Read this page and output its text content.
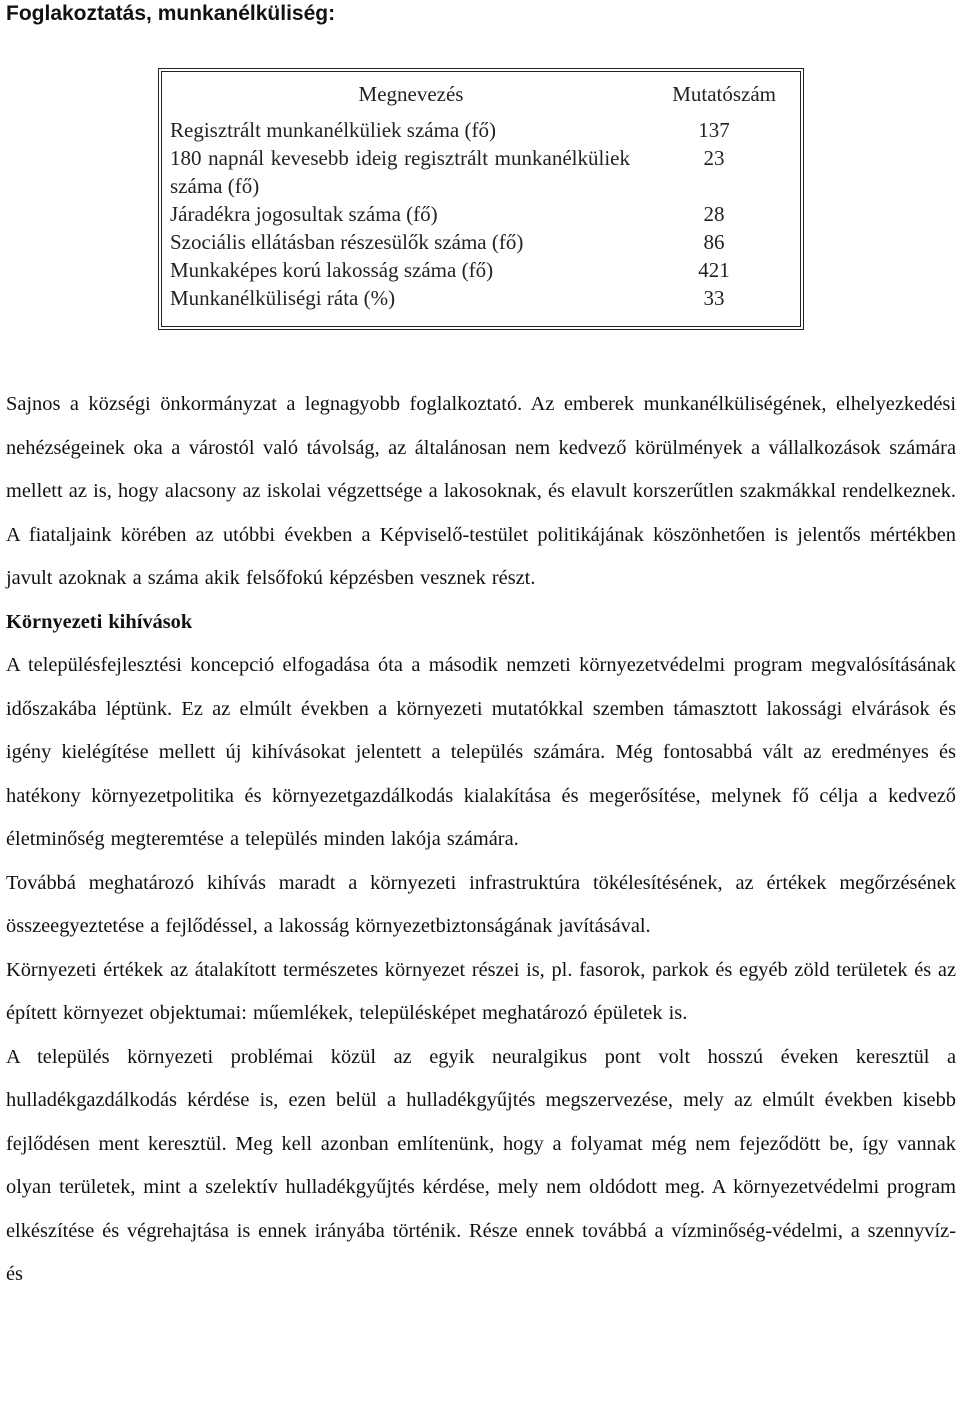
Foglakoztatás, munkanélküliség:
Megnevezés	Mutatószám
Regisztrált munkanélküliek száma (fő)	137
180 napnál kevesebb ideig regisztrált munkanélküliek száma (fő)	23
Járadékra jogosultak száma (fő)	28
Szociális ellátásban részesülők száma (fő)	86
Munkaképes korú lakosság száma (fő)	421
Munkanélküliségi ráta (%)	33

Sajnos a községi önkormányzat a legnagyobb foglalkoztató. Az emberek munkanélküliségének, elhelyezkedési nehézségeinek oka a várostól való távolság, az általánosan nem kedvező körülmények a vállalkozások számára mellett az is, hogy alacsony az iskolai végzettsége a lakosoknak, és elavult korszerűtlen szakmákkal rendelkeznek. A fiataljaink körében az utóbbi években a Képviselő-testület politikájának köszönhetően is jelentős mértékben javult azoknak a száma akik felsőfokú képzésben vesznek részt.

Környezeti kihívások

A településfejlesztési koncepció elfogadása óta a második nemzeti környezetvédelmi program megvalósításának időszakába léptünk. Ez az elmúlt években a környezeti mutatókkal szemben támasztott lakossági elvárások és igény kielégítése mellett új kihívásokat jelentett a település számára. Még fontosabbá vált az eredményes és hatékony környezetpolitika és környezetgazdálkodás kialakítása és megerősítése, melynek fő célja a kedvező életminőség megteremtése a település minden lakója számára.

Továbbá meghatározó kihívás maradt a környezeti infrastruktúra tökélesítésének, az értékek megőrzésének összeegyeztetése a fejlődéssel, a lakosság környezetbiztonságának javításával.

Környezeti értékek az átalakított természetes környezet részei is, pl. fasorok, parkok és egyéb zöld területek és az épített környezet objektumai: műemlékek, településképet meghatározó épületek is.

A település környezeti problémai közül az egyik neuralgikus pont volt hosszú éveken keresztül a hulladékgazdálkodás kérdése is, ezen belül a hulladékgyűjtés megszervezése, mely az elmúlt években kisebb fejlődésen ment keresztül. Meg kell azonban említenünk, hogy a folyamat még nem fejeződött be, így vannak olyan területek, mint a szelektív hulladékgyűjtés kérdése, mely nem oldódott meg. A környezetvédelmi program elkészítése és végrehajtása is ennek irányába történik. Része ennek továbbá a vízminőség-védelmi, a szennyvíz- és
